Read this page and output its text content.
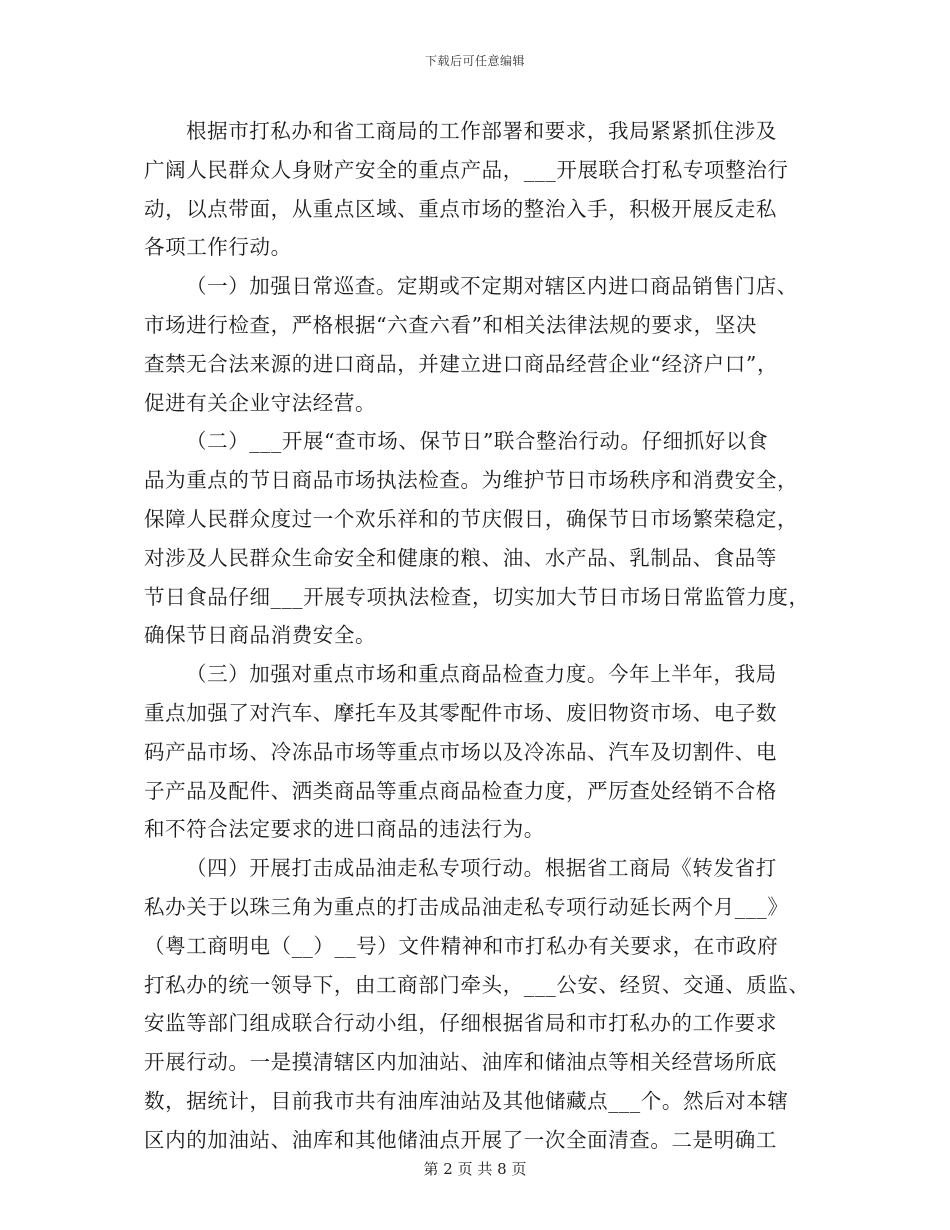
下载后可任意编辑
根据市打私办和省工商局的工作部署和要求，我局紧紧抓住涉及
广阔人民群众人身财产安全的重点产品，___开展联合打私专项整治行
动，以点带面，从重点区域、重点市场的整治入手，积极开展反走私
各项工作行动。
（一）加强日常巡查。定期或不定期对辖区内进口商品销售门店、
市场进行检查，严格根据“六查六看”和相关法律法规的要求，坚决
查禁无合法来源的进口商品，并建立进口商品经营企业“经济户口”，
促进有关企业守法经营。
（二）___开展“查市场、保节日”联合整治行动。仔细抓好以食
品为重点的节日商品市场执法检查。为维护节日市场秩序和消费安全，
保障人民群众度过一个欢乐祥和的节庆假日，确保节日市场繁荣稳定，
对涉及人民群众生命安全和健康的粮、油、水产品、乳制品、食品等
节日食品仔细___开展专项执法检查，切实加大节日市场日常监管力度，
确保节日商品消费安全。
（三）加强对重点市场和重点商品检查力度。今年上半年，我局
重点加强了对汽车、摩托车及其零配件市场、废旧物资市场、电子数
码产品市场、冷冻品市场等重点市场以及冷冻品、汽车及切割件、电
子产品及配件、洒类商品等重点商品检查力度，严厉查处经销不合格
和不符合法定要求的进口商品的违法行为。
（四）开展打击成品油走私专项行动。根据省工商局《转发省打
私办关于以珠三角为重点的打击成品油走私专项行动延长两个月___》
（粤工商明电（__）__号）文件精神和市打私办有关要求，在市政府
打私办的统一领导下，由工商部门牵头，___公安、经贸、交通、质监、
安监等部门组成联合行动小组，仔细根据省局和市打私办的工作要求
开展行动。一是摸清辖区内加油站、油库和储油点等相关经营场所底
数，据统计，目前我市共有油库油站及其他储藏点___个。然后对本辖
区内的加油站、油库和其他储油点开展了一次全面清查。二是明确工
第 2 页 共 8 页
